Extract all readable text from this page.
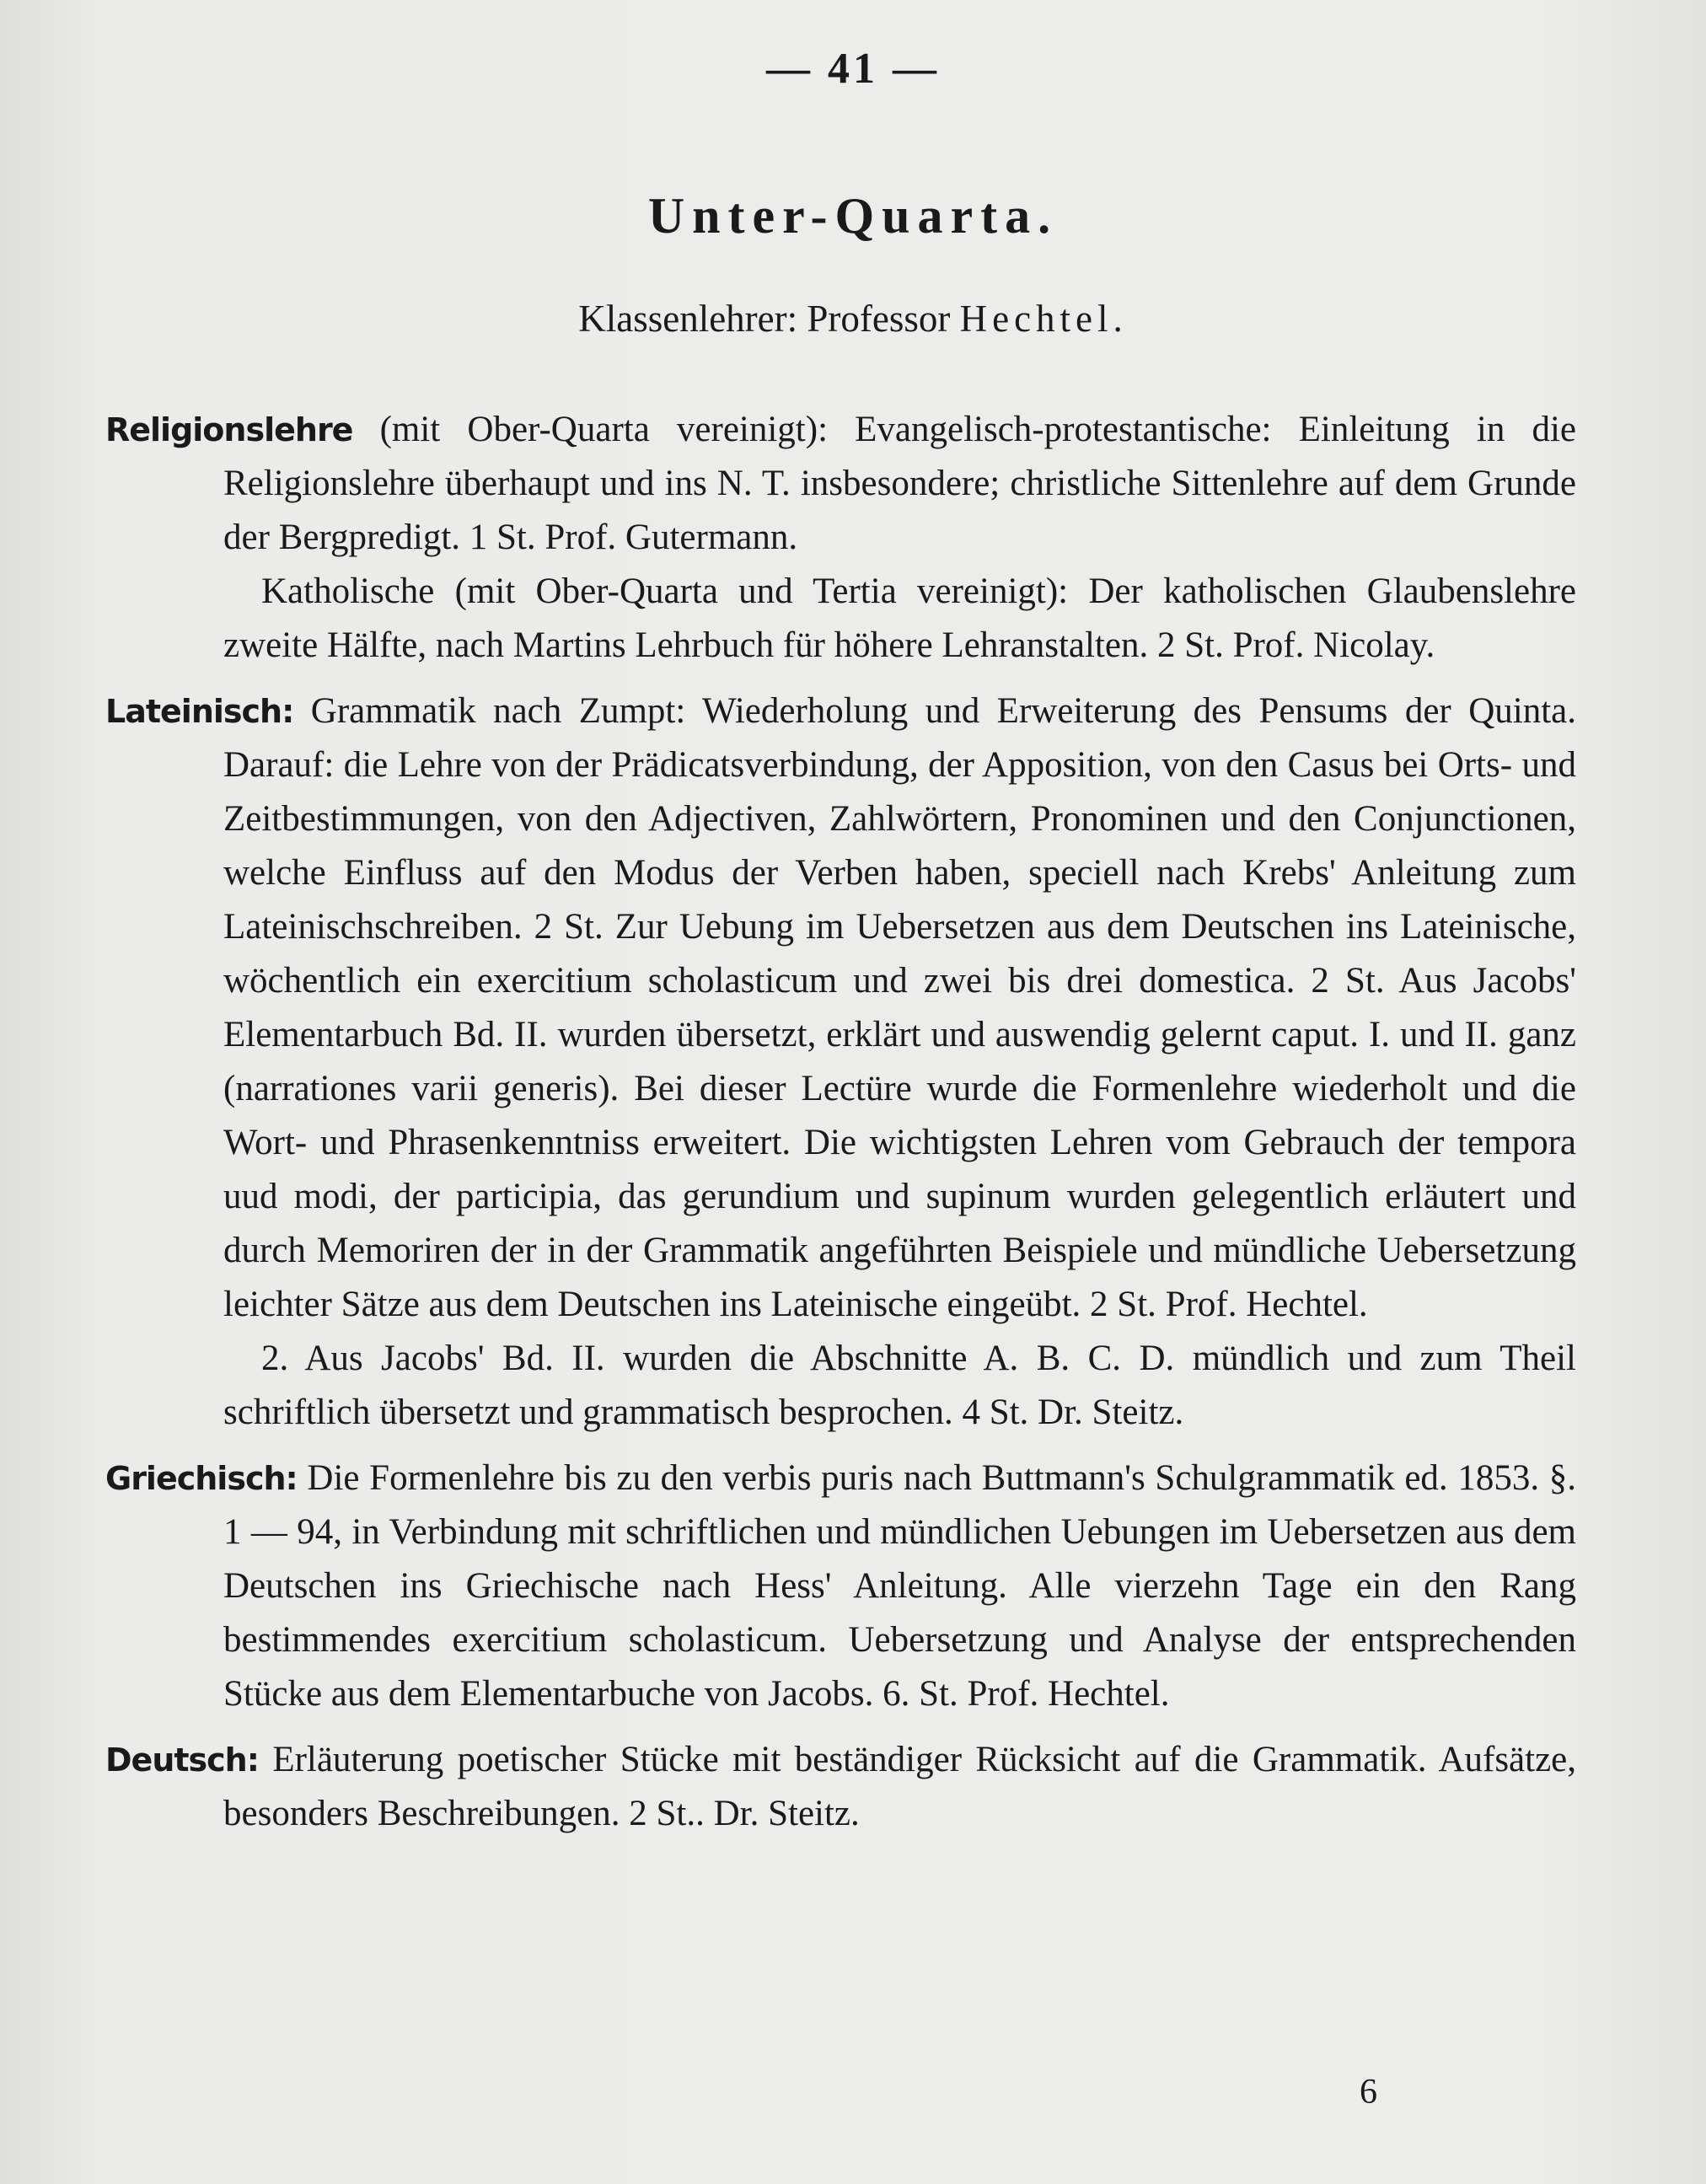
— 41 —
Unter-Quarta.
Klassenlehrer: Professor Hechtel.

Religionslehre (mit Ober-Quarta vereinigt): Evangelisch-protestantische: Einleitung in die Religionslehre überhaupt und ins N. T. insbesondere; christliche Sittenlehre auf dem Grunde der Bergpredigt. 1 St. Prof. Gutermann.

Katholische (mit Ober-Quarta und Tertia vereinigt): Der katholischen Glaubenslehre zweite Hälfte, nach Martins Lehrbuch für höhere Lehranstalten. 2 St. Prof. Nicolay.

Lateinisch: Grammatik nach Zumpt: Wiederholung und Erweiterung des Pensums der Quinta. Darauf: die Lehre von der Prädicatsverbindung, der Apposition, von den Casus bei Orts- und Zeitbestimmungen, von den Adjectiven, Zahlwörtern, Pronominen und den Conjunctionen, welche Einfluss auf den Modus der Verben haben, speciell nach Krebs' Anleitung zum Lateinischschreiben. 2 St. Zur Uebung im Uebersetzen aus dem Deutschen ins Lateinische, wöchentlich ein exercitium scholasticum und zwei bis drei domestica. 2 St. Aus Jacobs' Elementarbuch Bd. II. wurden übersetzt, erklärt und auswendig gelernt caput. I. und II. ganz (narrationes varii generis). Bei dieser Lectüre wurde die Formenlehre wiederholt und die Wort- und Phrasenkenntniss erweitert. Die wichtigsten Lehren vom Gebrauch der tempora uud modi, der participia, das gerundium und supinum wurden gelegentlich erläutert und durch Memoriren der in der Grammatik angeführten Beispiele und mündliche Uebersetzung leichter Sätze aus dem Deutschen ins Lateinische eingeübt. 2 St. Prof. Hechtel.

2. Aus Jacobs' Bd. II. wurden die Abschnitte A. B. C. D. mündlich und zum Theil schriftlich übersetzt und grammatisch besprochen. 4 St. Dr. Steitz.

Griechisch: Die Formenlehre bis zu den verbis puris nach Buttmann's Schulgrammatik ed. 1853. §. 1 — 94, in Verbindung mit schriftlichen und mündlichen Uebungen im Uebersetzen aus dem Deutschen ins Griechische nach Hess' Anleitung. Alle vierzehn Tage ein den Rang bestimmendes exercitium scholasticum. Uebersetzung und Analyse der entsprechenden Stücke aus dem Elementarbuche von Jacobs. 6. St. Prof. Hechtel.

Deutsch: Erläuterung poetischer Stücke mit beständiger Rücksicht auf die Grammatik. Aufsätze, besonders Beschreibungen. 2 St.. Dr. Steitz.

6
